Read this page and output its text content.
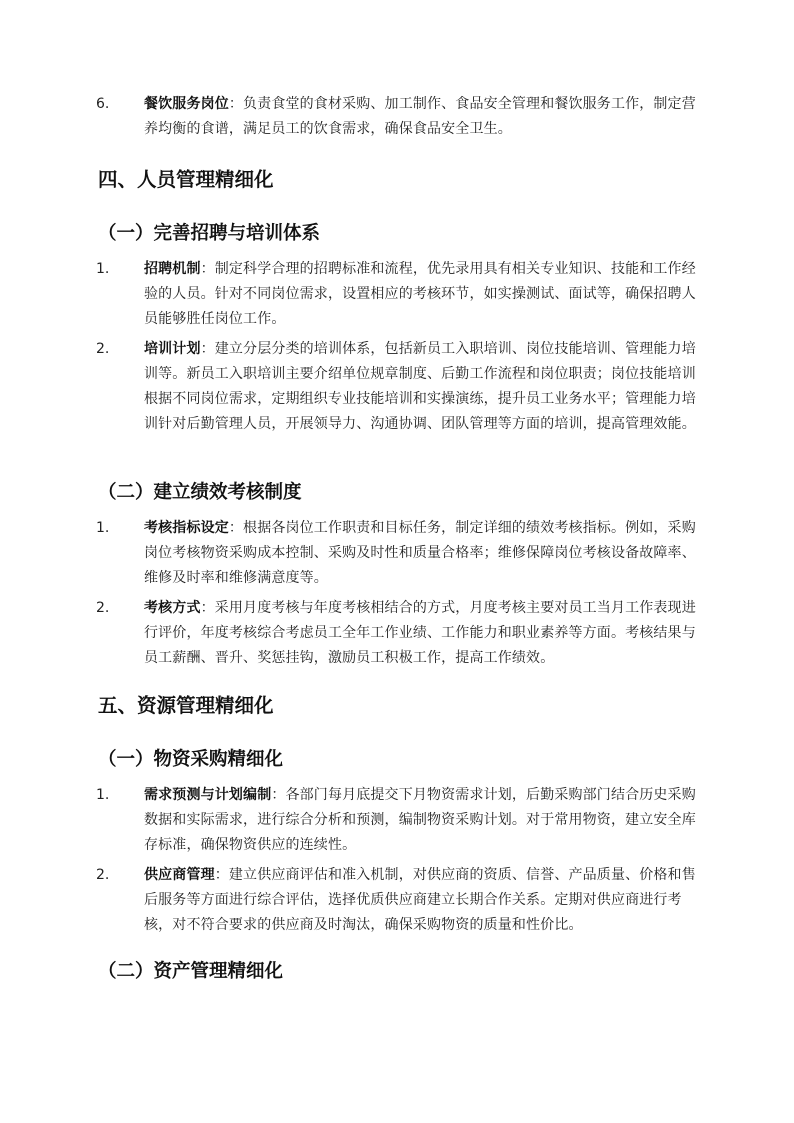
6.	餐饮服务岗位：负责食堂的食材采购、加工制作、食品安全管理和餐饮服务工作，制定营养均衡的食谱，满足员工的饮食需求，确保食品安全卫生。
四、人员管理精细化
（一）完善招聘与培训体系
1.	招聘机制：制定科学合理的招聘标准和流程，优先录用具有相关专业知识、技能和工作经验的人员。针对不同岗位需求，设置相应的考核环节，如实操测试、面试等，确保招聘人员能够胜任岗位工作。
2.	培训计划：建立分层分类的培训体系，包括新员工入职培训、岗位技能培训、管理能力培训等。新员工入职培训主要介绍单位规章制度、后勤工作流程和岗位职责；岗位技能培训根据不同岗位需求，定期组织专业技能培训和实操演练，提升员工业务水平；管理能力培训针对后勤管理人员，开展领导力、沟通协调、团队管理等方面的培训，提高管理效能。
（二）建立绩效考核制度
1.	考核指标设定：根据各岗位工作职责和目标任务，制定详细的绩效考核指标。例如，采购岗位考核物资采购成本控制、采购及时性和质量合格率；维修保障岗位考核设备故障率、维修及时率和维修满意度等。
2.	考核方式：采用月度考核与年度考核相结合的方式，月度考核主要对员工当月工作表现进行评价，年度考核综合考虑员工全年工作业绩、工作能力和职业素养等方面。考核结果与员工薪酬、晋升、奖惩挂钩，激励员工积极工作，提高工作绩效。
五、资源管理精细化
（一）物资采购精细化
1.	需求预测与计划编制：各部门每月底提交下月物资需求计划，后勤采购部门结合历史采购数据和实际需求，进行综合分析和预测，编制物资采购计划。对于常用物资，建立安全库存标准，确保物资供应的连续性。
2.	供应商管理：建立供应商评估和准入机制，对供应商的资质、信誉、产品质量、价格和售后服务等方面进行综合评估，选择优质供应商建立长期合作关系。定期对供应商进行考核，对不符合要求的供应商及时淘汰，确保采购物资的质量和性价比。
（二）资产管理精细化
